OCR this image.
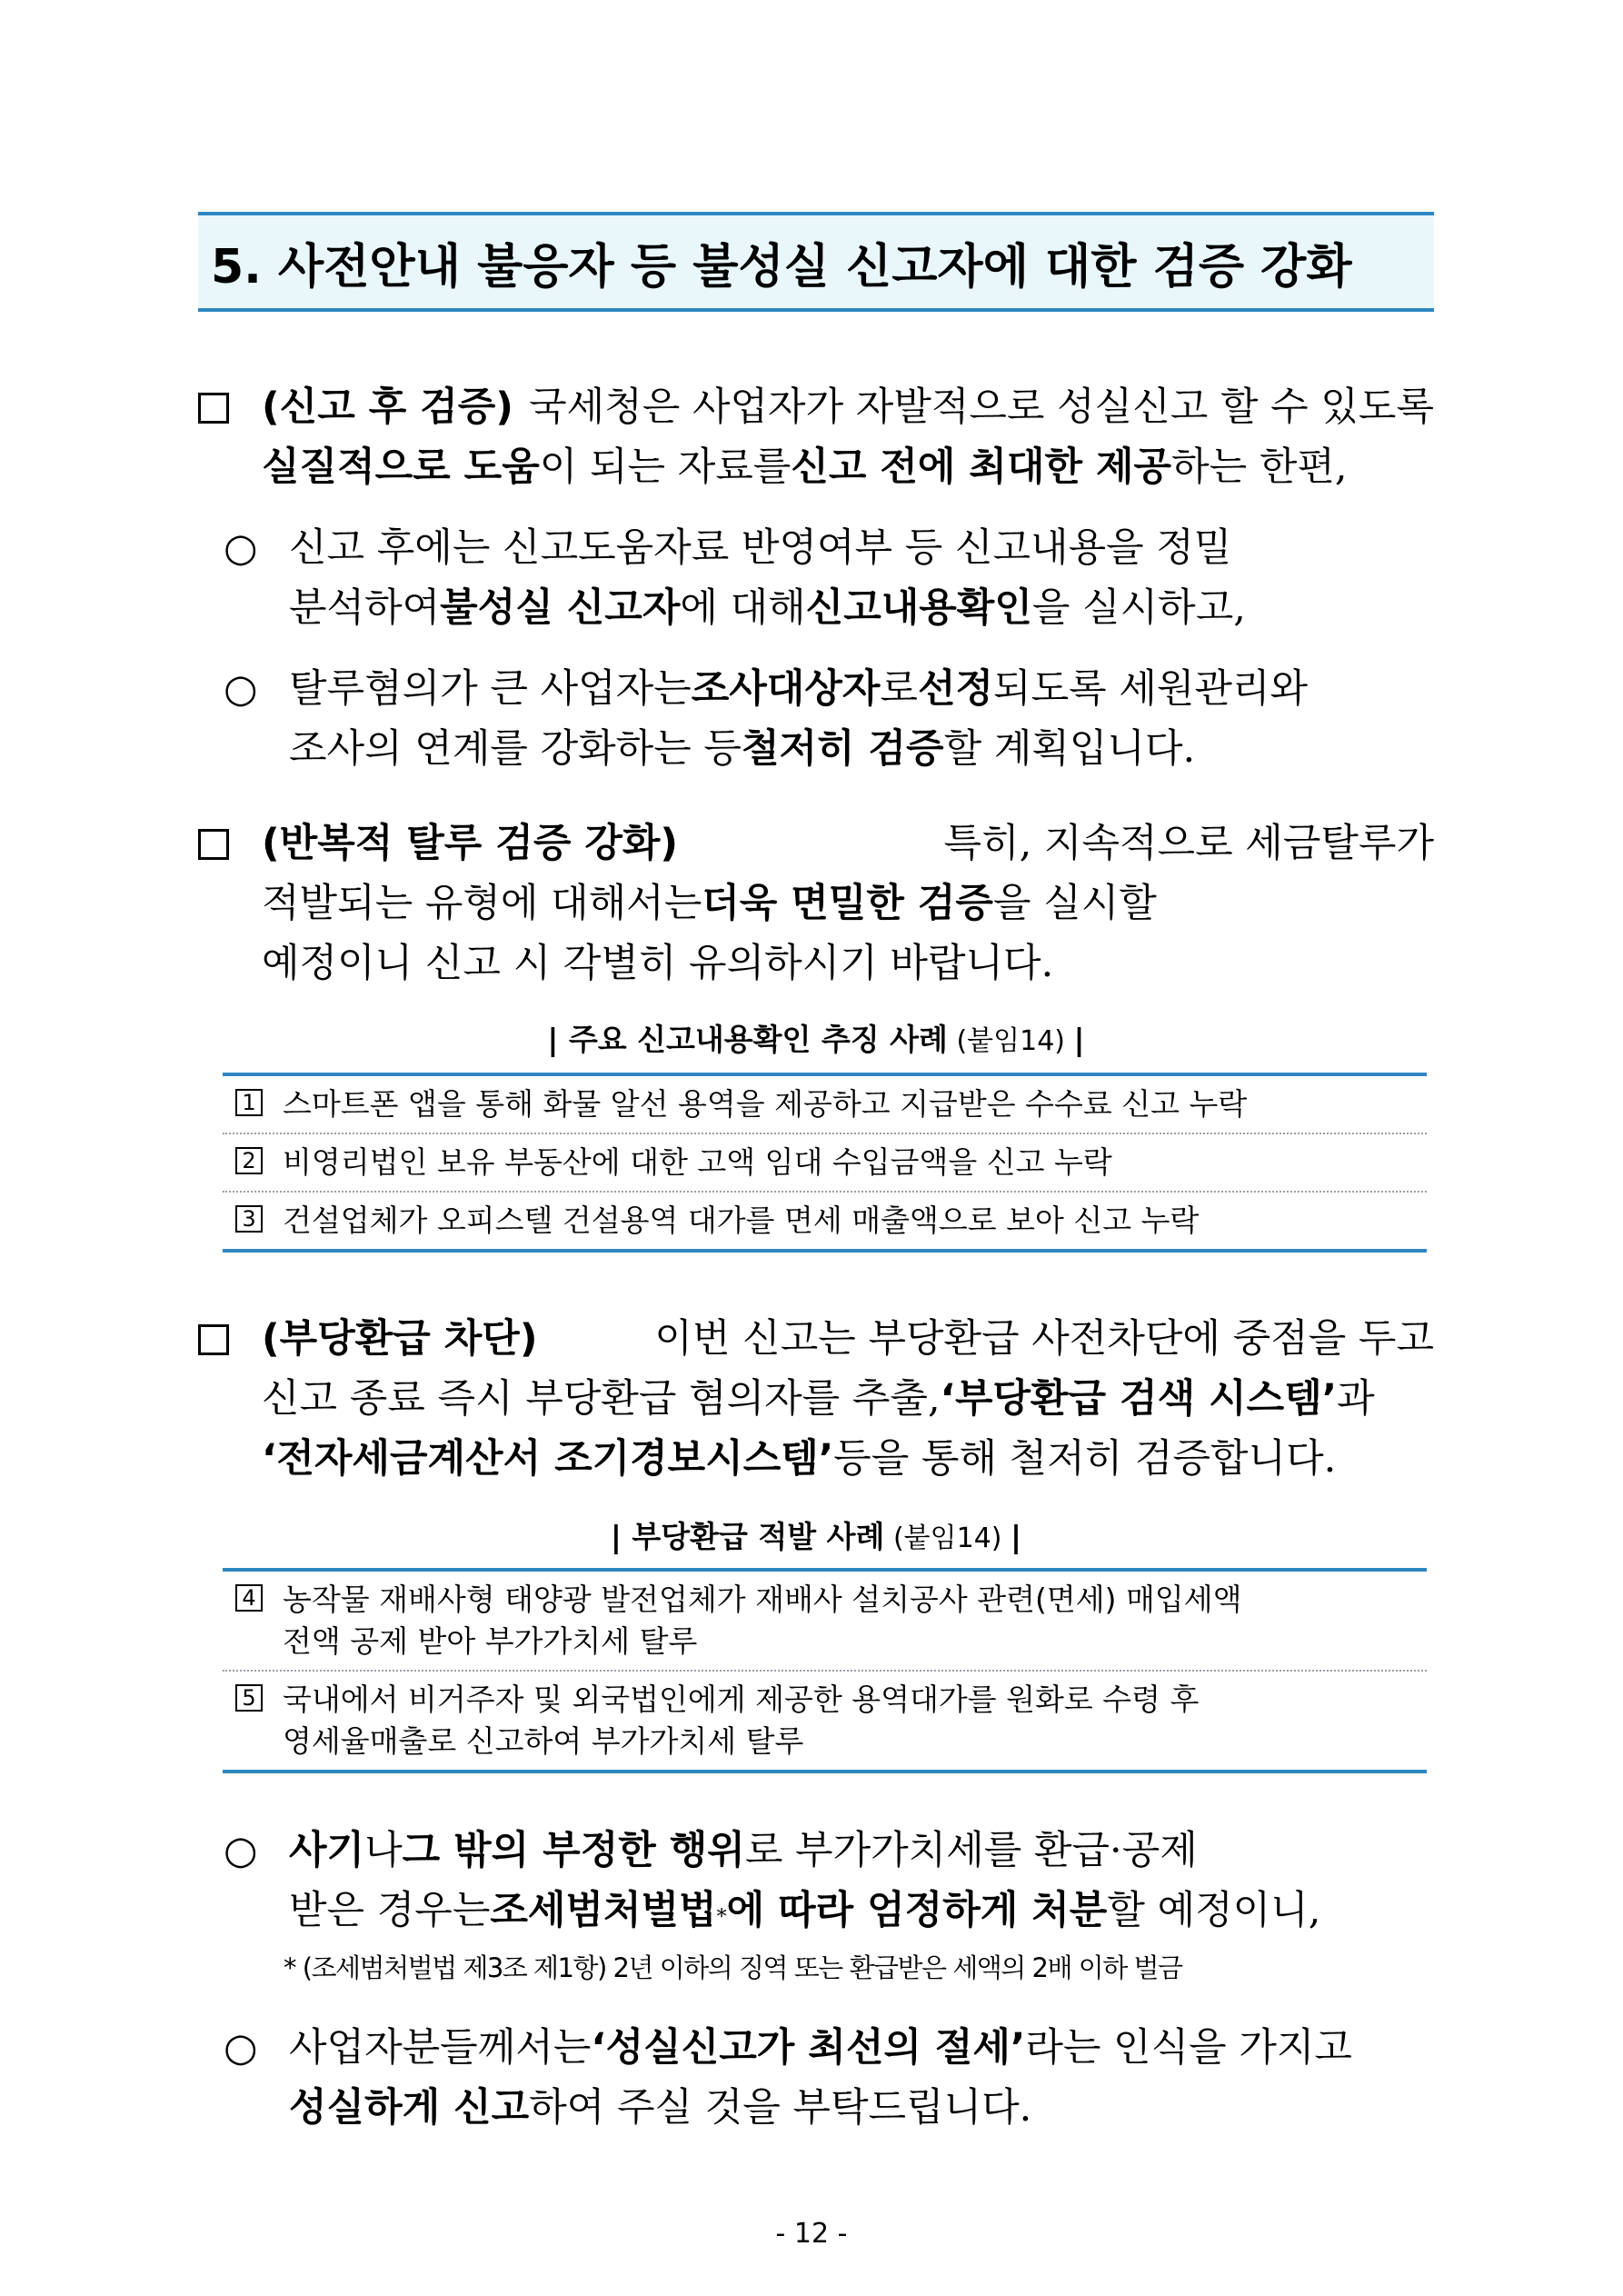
5. 사전안내 불응자 등 불성실 신고자에 대한 검증 강화
(신고 후 검증) 국세청은 사업자가 자발적으로 성실신고 할 수 있도록
실질적으로 도움 이 되는 자료를 신고 전에 최대한 제공 하는 한편,
○ 신고 후에는 신고도움자료 반영여부 등 신고내용을 정밀
분석하여 불성실 신고자 에 대해 신고내용확인 을 실시하고,
○ 탈루혐의가 큰 사업자는 조사대상자 로 선정 되도록 세원관리와
조사의 연계를 강화하는 등 철저히 검증 할 계획입니다.
(반복적 탈루 검증 강화)	특히, 지속적으로 세금탈루가
적발되는 유형에 대해서는 더욱 면밀한 검증 을 실시할
예정이니 신고 시 각별히 유의하시기 바랍니다.
| 주요 신고내용확인 추징 사례 (붙임14) |
1 스마트폰 앱을 통해 화물 알선 용역을 제공하고 지급받은 수수료 신고 누락
2 비영리법인 보유 부동산에 대한 고액 임대 수입금액을 신고 누락
3 건설업체가 오피스텔 건설용역 대가를 면세 매출액으로 보아 신고 누락
(부당환급 차단)	이번 신고는 부당환급 사전차단에 중점을 두고
신고 종료 즉시 부당환급 혐의자를 추출, ‘부당환급 검색 시스템’ 과
‘전자세금계산서 조기경보시스템’ 등을 통해 철저히 검증합니다.
| 부당환급 적발 사례 (붙임14) |
4 농작물 재배사형 태양광 발전업체가 재배사 설치공사 관련(면세) 매입세액
전액 공제 받아 부가가치세 탈루
5 국내에서 비거주자 및 외국법인에게 제공한 용역대가를 원화로 수령 후
영세율매출로 신고하여 부가가치세 탈루
○ 사기 나 그 밖의 부정한 행위 로 부가가치세를 환급·공제
받은 경우는 조세범처벌법 * 에 따라 엄정하게 처분 할 예정이니,
* (조세범처벌법 제3조 제1항) 2년 이하의 징역 또는 환급받은 세액의 2배 이하 벌금
○ 사업자분들께서는 ‘성실신고가 최선의 절세’ 라는 인식을 가지고
성실하게 신고 하여 주실 것을 부탁드립니다.
- 12 -
